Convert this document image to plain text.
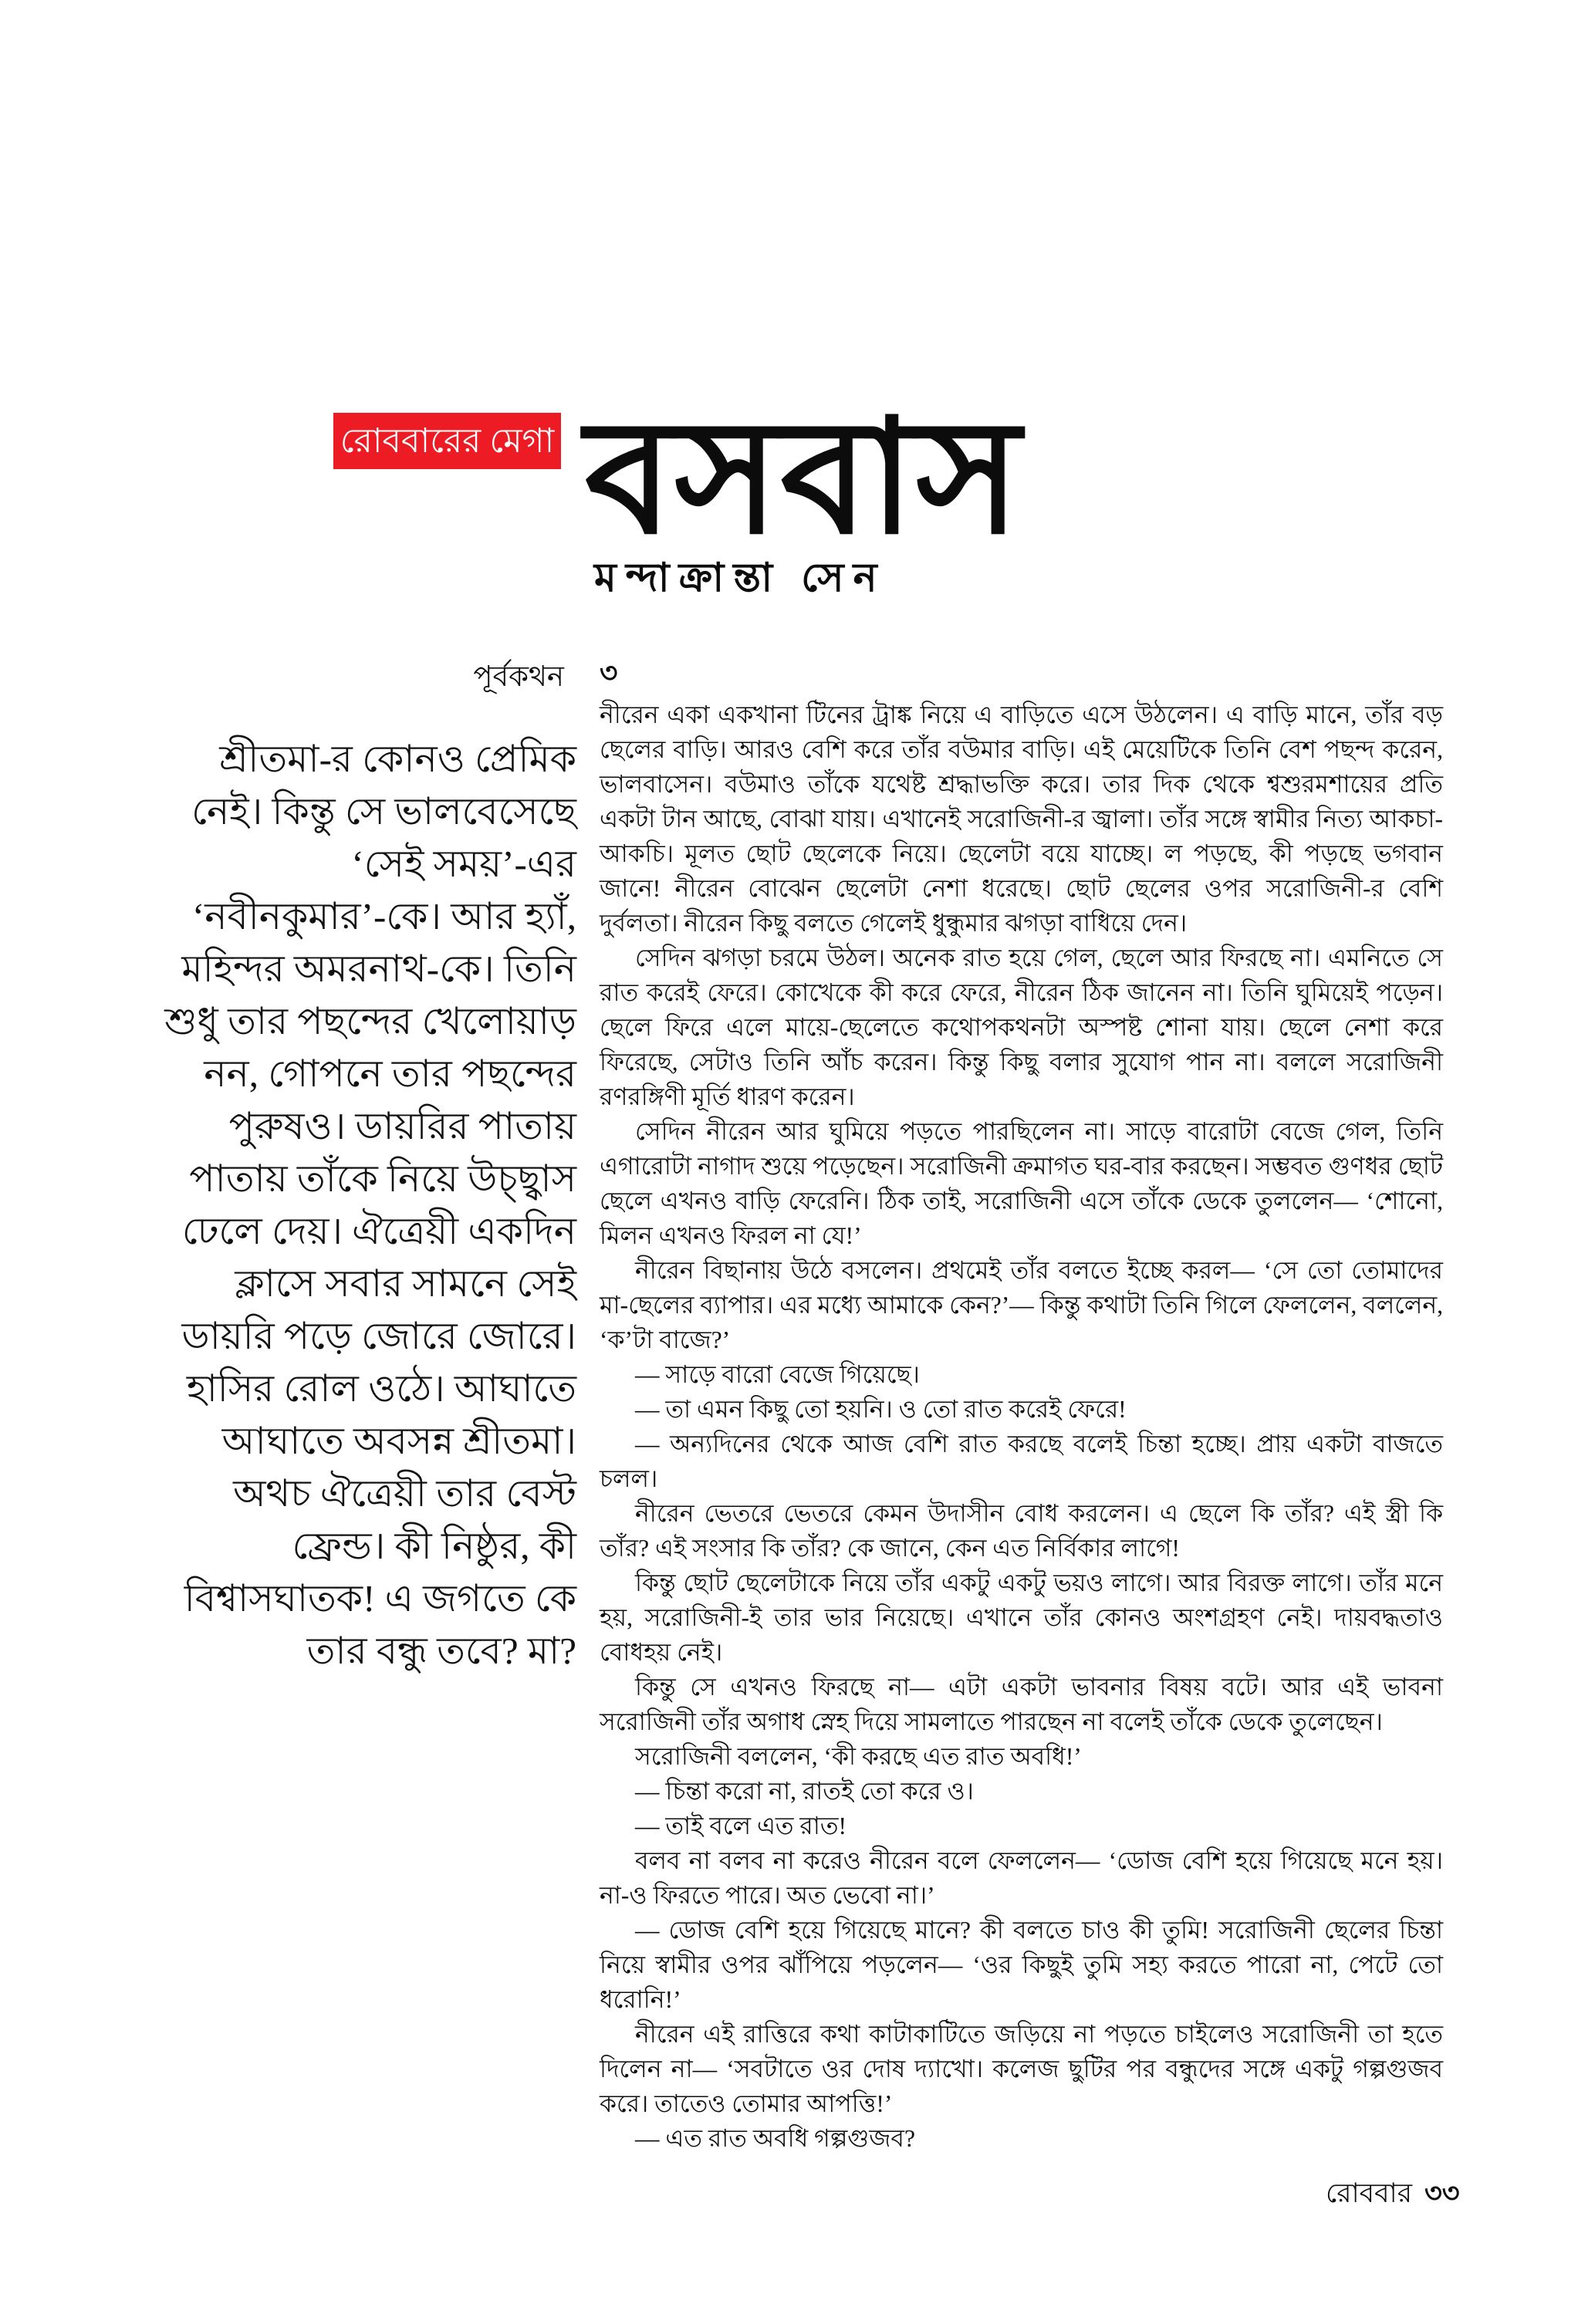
রোববারের মেগা বসবাস
মন্দাক্রান্তা সেন
পূর্বকথন
শ্রীতমা-র কোনও প্রেমিক নেই। কিন্তু সে ভালবেসেছে ‘সেই সময়’-এর ‘নবীনকুমার’-কে। আর হ্যাঁ, মহিন্দর অমরনাথ-কে। তিনি শুধু তার পছন্দের খেলোয়াড় নন, গোপনে তার পছন্দের পুরুষও। ডায়রির পাতায় পাতায় তাঁকে নিয়ে উচ্ছ্বাস ঢেলে দেয়। ঐত্রেয়ী একদিন ক্লাসে সবার সামনে সেই ডায়রি পড়ে জোরে জোরে। হাসির রোল ওঠে। আঘাতে আঘাতে অবসন্ন শ্রীতমা। অথচ ঐত্রেয়ী তার বেস্ট ফ্রেন্ড। কী নিষ্ঠুর, কী বিশ্বাসঘাতক! এ জগতে কে তার বন্ধু তবে? মা?
৩

নীরেন একা একখানা টিনের ট্রাঙ্ক নিয়ে এ বাড়িতে এসে উঠলেন। এ বাড়ি মানে, তাঁর বড় ছেলের বাড়ি। আরও বেশি করে তাঁর বউমার বাড়ি। এই মেয়েটিকে তিনি বেশ পছন্দ করেন, ভালবাসেন। বউমাও তাঁকে যথেষ্ট শ্রদ্ধাভক্তি করে। তার দিক থেকে শ্বশুরমশায়ের প্রতি একটা টান আছে, বোঝা যায়। এখানেই সরোজিনী-র জ্বালা। তাঁর সঙ্গে স্বামীর নিত্য আকচা-আকচি। মূলত ছোট ছেলেকে নিয়ে। ছেলেটা বয়ে যাচ্ছে। ল পড়ছে, কী পড়ছে ভগবান জানে! নীরেন বোঝেন ছেলেটা নেশা ধরেছে। ছোট ছেলের ওপর সরোজিনী-র বেশি দুর্বলতা। নীরেন কিছু বলতে গেলেই ধুন্ধুমার ঝগড়া বাধিয়ে দেন।

সেদিন ঝগড়া চরমে উঠল। অনেক রাত হয়ে গেল, ছেলে আর ফিরছে না। এমনিতে সে রাত করেই ফেরে। কোখেকে কী করে ফেরে, নীরেন ঠিক জানেন না। তিনি ঘুমিয়েই পড়েন। ছেলে ফিরে এলে মায়ে-ছেলেতে কথোপকথনটা অস্পষ্ট শোনা যায়। ছেলে নেশা করে ফিরেছে, সেটাও তিনি আঁচ করেন। কিন্তু কিছু বলার সুযোগ পান না। বললে সরোজিনী রণরঙ্গিণী মূর্তি ধারণ করেন।

সেদিন নীরেন আর ঘুমিয়ে পড়তে পারছিলেন না। সাড়ে বারোটা বেজে গেল, তিনি এগারোটা নাগাদ শুয়ে পড়েছেন। সরোজিনী ক্রমাগত ঘর-বার করছেন। সম্ভবত গুণধর ছোট ছেলে এখনও বাড়ি ফেরেনি। ঠিক তাই, সরোজিনী এসে তাঁকে ডেকে তুললেন— ‘শোনো, মিলন এখনও ফিরল না যে!’

নীরেন বিছানায় উঠে বসলেন। প্রথমেই তাঁর বলতে ইচ্ছে করল— ‘সে তো তোমাদের মা-ছেলের ব্যাপার। এর মধ্যে আমাকে কেন?’— কিন্তু কথাটা তিনি গিলে ফেললেন, বললেন, ‘ক’টা বাজে?’

— সাড়ে বারো বেজে গিয়েছে।

— তা এমন কিছু তো হয়নি। ও তো রাত করেই ফেরে!

— অন্যদিনের থেকে আজ বেশি রাত করছে বলেই চিন্তা হচ্ছে। প্রায় একটা বাজতে চলল।

নীরেন ভেতরে ভেতরে কেমন উদাসীন বোধ করলেন। এ ছেলে কি তাঁর? এই স্ত্রী কি তাঁর? এই সংসার কি তাঁর? কে জানে, কেন এত নির্বিকার লাগে!

কিন্তু ছোট ছেলেটাকে নিয়ে তাঁর একটু একটু ভয়ও লাগে। আর বিরক্ত লাগে। তাঁর মনে হয়, সরোজিনী-ই তার ভার নিয়েছে। এখানে তাঁর কোনও অংশগ্রহণ নেই। দায়বদ্ধতাও বোধহয় নেই।

কিন্তু সে এখনও ফিরছে না— এটা একটা ভাবনার বিষয় বটে। আর এই ভাবনা সরোজিনী তাঁর অগাধ স্নেহ দিয়ে সামলাতে পারছেন না বলেই তাঁকে ডেকে তুলেছেন।

সরোজিনী বললেন, ‘কী করছে এত রাত অবধি!’

— চিন্তা করো না, রাতই তো করে ও।

— তাই বলে এত রাত!

বলব না বলব না করেও নীরেন বলে ফেললেন— ‘ডোজ বেশি হয়ে গিয়েছে মনে হয়। না-ও ফিরতে পারে। অত ভেবো না।’

— ডোজ বেশি হয়ে গিয়েছে মানে? কী বলতে চাও কী তুমি! সরোজিনী ছেলের চিন্তা নিয়ে স্বামীর ওপর ঝাঁপিয়ে পড়লেন— ‘ওর কিছুই তুমি সহ্য করতে পারো না, পেটে তো ধরোনি!’

নীরেন এই রাত্তিরে কথা কাটাকাটিতে জড়িয়ে না পড়তে চাইলেও সরোজিনী তা হতে দিলেন না— ‘সবটাতে ওর দোষ দ্যাখো। কলেজ ছুটির পর বন্ধুদের সঙ্গে একটু গল্পগুজব করে। তাতেও তোমার আপত্তি!’

— এত রাত অবধি গল্পগুজব?

রোববার ৩৩
